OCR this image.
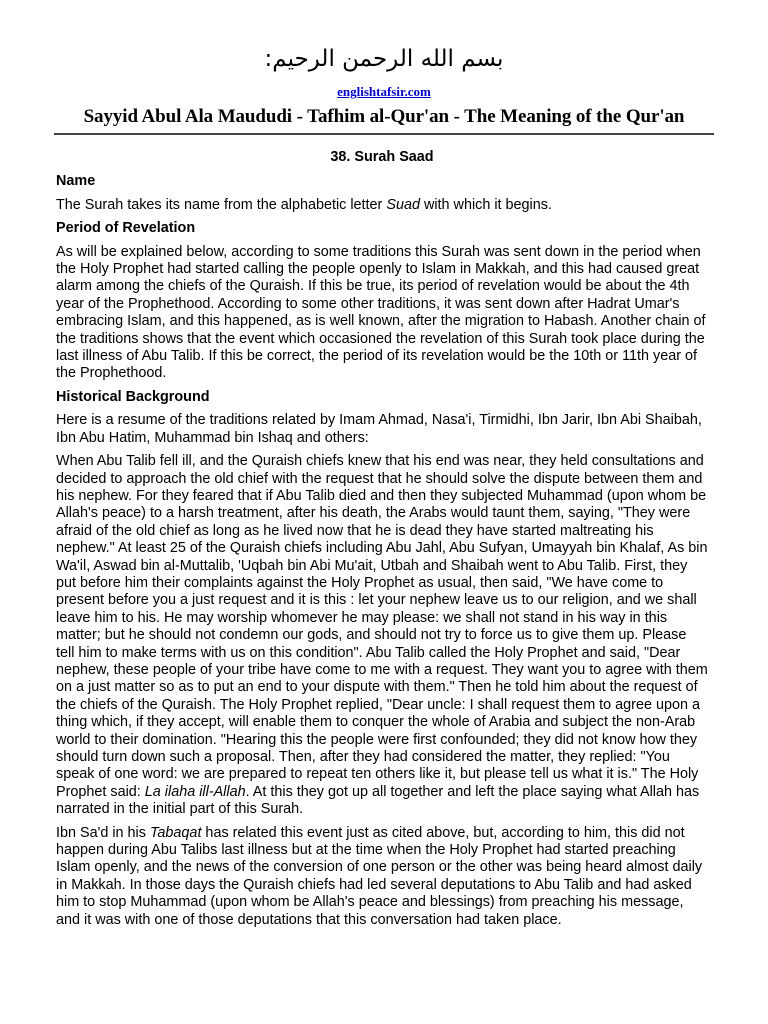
بسم الله الرحمن الرحيم:
englishtafsir.com
Sayyid Abul Ala Maududi - Tafhim al-Qur'an - The Meaning of the Qur'an
38. Surah Saad
Name

The Surah takes its name from the alphabetic letter Suad with which it begins.

Period of Revelation

As will be explained below, according to some traditions this Surah was sent down in the period when the Holy Prophet had started calling the people openly to Islam in Makkah, and this had caused great alarm among the chiefs of the Quraish. If this be true, its period of revelation would be about the 4th year of the Prophethood. According to some other traditions, it was sent down after Hadrat Umar's embracing Islam, and this happened, as is well known, after the migration to Habash. Another chain of the traditions shows that the event which occasioned the revelation of this Surah took place during the last illness of Abu Talib. If this be correct, the period of its revelation would be the 10th or 11th year of the Prophethood.

Historical Background

Here is a resume of the traditions related by Imam Ahmad, Nasa'i, Tirmidhi, Ibn Jarir, Ibn Abi Shaibah, Ibn Abu Hatim, Muhammad bin Ishaq and others:

When Abu Talib fell ill, and the Quraish chiefs knew that his end was near, they held consultations and decided to approach the old chief with the request that he should solve the dispute between them and his nephew. For they feared that if Abu Talib died and then they subjected Muhammad (upon whom be Allah's peace) to a harsh treatment, after his death, the Arabs would taunt them, saying, "They were afraid of the old chief as long as he lived now that he is dead they have started maltreating his nephew." At least 25 of the Quraish chiefs including Abu Jahl, Abu Sufyan, Umayyah bin Khalaf, As bin Wa'il, Aswad bin al-Muttalib, 'Uqbah bin Abi Mu'ait, Utbah and Shaibah went to Abu Talib. First, they put before him their complaints against the Holy Prophet as usual, then said, "We have come to present before you a just request and it is this : let your nephew leave us to our religion, and we shall leave him to his. He may worship whomever he may please: we shall not stand in his way in this matter; but he should not condemn our gods, and should not try to force us to give them up. Please tell him to make terms with us on this condition". Abu Talib called the Holy Prophet and said, "Dear nephew, these people of your tribe have come to me with a request. They want you to agree with them on a just matter so as to put an end to your dispute with them." Then he told him about the request of the chiefs of the Quraish. The Holy Prophet replied, "Dear uncle: I shall request them to agree upon a thing which, if they accept, will enable them to conquer the whole of Arabia and subject the non-Arab world to their domination. "Hearing this the people were first confounded; they did not know how they should turn down such a proposal. Then, after they had considered the matter, they replied: "You speak of one word: we are prepared to repeat ten others like it, but please tell us what it is." The Holy Prophet said: La ilaha ill-Allah. At this they got up all together and left the place saying what Allah has narrated in the initial part of this Surah.

Ibn Sa'd in his Tabaqat has related this event just as cited above, but, according to him, this did not happen during Abu Talibs last illness but at the time when the Holy Prophet had started preaching Islam openly, and the news of the conversion of one person or the other was being heard almost daily in Makkah. In those days the Quraish chiefs had led several deputations to Abu Talib and had asked him to stop Muhammad (upon whom be Allah's peace and blessings) from preaching his message, and it was with one of those deputations that this conversation had taken place.
